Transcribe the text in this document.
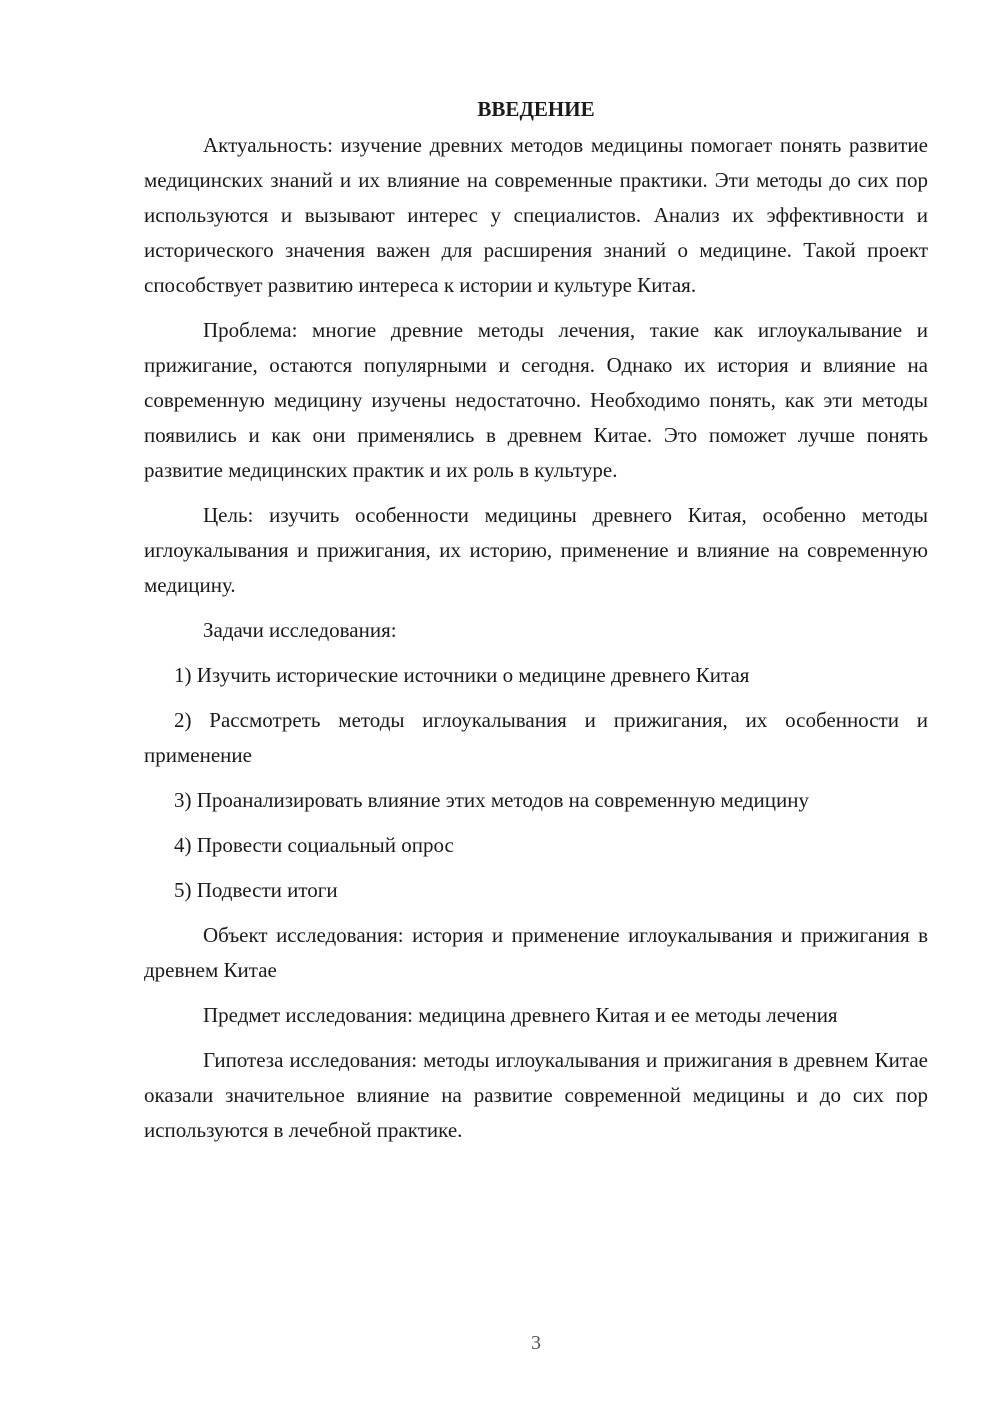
ВВЕДЕНИЕ

Актуальность: изучение древних методов медицины помогает понять развитие медицинских знаний и их влияние на современные практики. Эти методы до сих пор используются и вызывают интерес у специалистов. Анализ их эффективности и исторического значения важен для расширения знаний о медицине. Такой проект способствует развитию интереса к истории и культуре Китая.

Проблема: многие древние методы лечения, такие как иглоукалывание и прижигание, остаются популярными и сегодня. Однако их история и влияние на современную медицину изучены недостаточно. Необходимо понять, как эти методы появились и как они применялись в древнем Китае. Это поможет лучше понять развитие медицинских практик и их роль в культуре.

Цель: изучить особенности медицины древнего Китая, особенно методы иглоукалывания и прижигания, их историю, применение и влияние на современную медицину.

Задачи исследования:

1) Изучить исторические источники о медицине древнего Китая

2) Рассмотреть методы иглоукалывания и прижигания, их особенности и применение

3) Проанализировать влияние этих методов на современную медицину

4) Провести социальный опрос

5) Подвести итоги

Объект исследования: история и применение иглоукалывания и прижигания в древнем Китае

Предмет исследования: медицина древнего Китая и ее методы лечения

Гипотеза исследования: методы иглоукалывания и прижигания в древнем Китае оказали значительное влияние на развитие современной медицины и до сих пор используются в лечебной практике.

3
